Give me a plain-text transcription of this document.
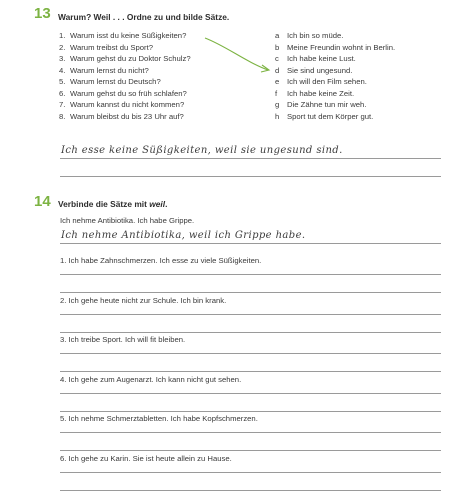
13 Warum? Weil . . . Ordne zu und bilde Sätze.
1. Warum isst du keine Süßigkeiten?
2. Warum treibst du Sport?
3. Warum gehst du zu Doktor Schulz?
4. Warum lernst du nicht?
5. Warum lernst du Deutsch?
6. Warum gehst du so früh schlafen?
7. Warum kannst du nicht kommen?
8. Warum bleibst du bis 23 Uhr auf?
a Ich bin so müde.
b Meine Freundin wohnt in Berlin.
c Ich habe keine Lust.
d Sie sind ungesund.
e Ich will den Film sehen.
f Ich habe keine Zeit.
g Die Zähne tun mir weh.
h Sport tut dem Körper gut.
Ich esse keine Süßigkeiten, weil sie ungesund sind.
14 Verbinde die Sätze mit weil.
Ich nehme Antibiotika. Ich habe Grippe.
Ich nehme Antibiotika, weil ich Grippe habe.
1. Ich habe Zahnschmerzen. Ich esse zu viele Süßigkeiten.
2. Ich gehe heute nicht zur Schule. Ich bin krank.
3. Ich treibe Sport. Ich will fit bleiben.
4. Ich gehe zum Augenarzt. Ich kann nicht gut sehen.
5. Ich nehme Schmerztabletten. Ich habe Kopfschmerzen.
6. Ich gehe zu Karin. Sie ist heute allein zu Hause.
